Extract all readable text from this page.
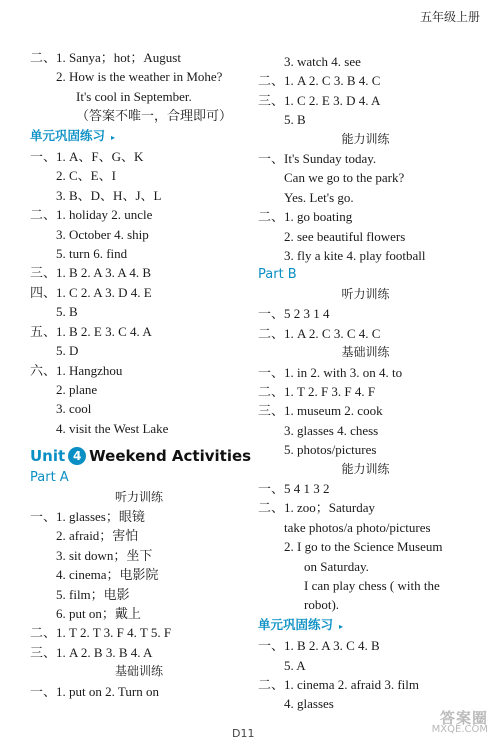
五年级上册
二、1. Sanya；hot；August
2. How is the weather in Mohe?
It's cool in September.
（答案不唯一，合理即可）
单元巩固练习 ▸
一、1. A、F、G、K
2. C、E、I
3. B、D、H、J、L
二、1. holiday 2. uncle
3. October 4. ship
5. turn 6. find
三、1. B 2. A 3. A 4. B
四、1. C 2. A 3. D 4. E
5. B
五、1. B 2. E 3. C 4. A
5. D
六、1. Hangzhou
2. plane
3. cool
4. visit the West Lake
Unit 4 Weekend Activities
Part A
听力训练
一、1. glasses；眼镜
2. afraid；害怕
3. sit down；坐下
4. cinema；电影院
5. film；电影
6. put on；戴上
二、1. T 2. T 3. F 4. T 5. F
三、1. A 2. B 3. B 4. A
基础训练
一、1. put on 2. Turn on
3. watch 4. see
二、1. A 2. C 3. B 4. C
三、1. C 2. E 3. D 4. A
5. B
能力训练
一、It's Sunday today.
Can we go to the park?
Yes. Let's go.
二、1. go boating
2. see beautiful flowers
3. fly a kite 4. play football
Part B
听力训练
一、5 2 3 1 4
二、1. A 2. C 3. C 4. C
基础训练
一、1. in 2. with 3. on 4. to
二、1. T 2. F 3. F 4. F
三、1. museum 2. cook
3. glasses 4. chess
5. photos/pictures
能力训练
一、5 4 1 3 2
二、1. zoo；Saturday
take photos/a photo/pictures
2. I go to the Science Museum
on Saturday.
I can play chess ( with the
robot).
单元巩固练习 ▸
一、1. B 2. A 3. C 4. B
5. A
二、1. cinema 2. afraid 3. film
4. glasses
D11
答案圈
MXQE.COM
